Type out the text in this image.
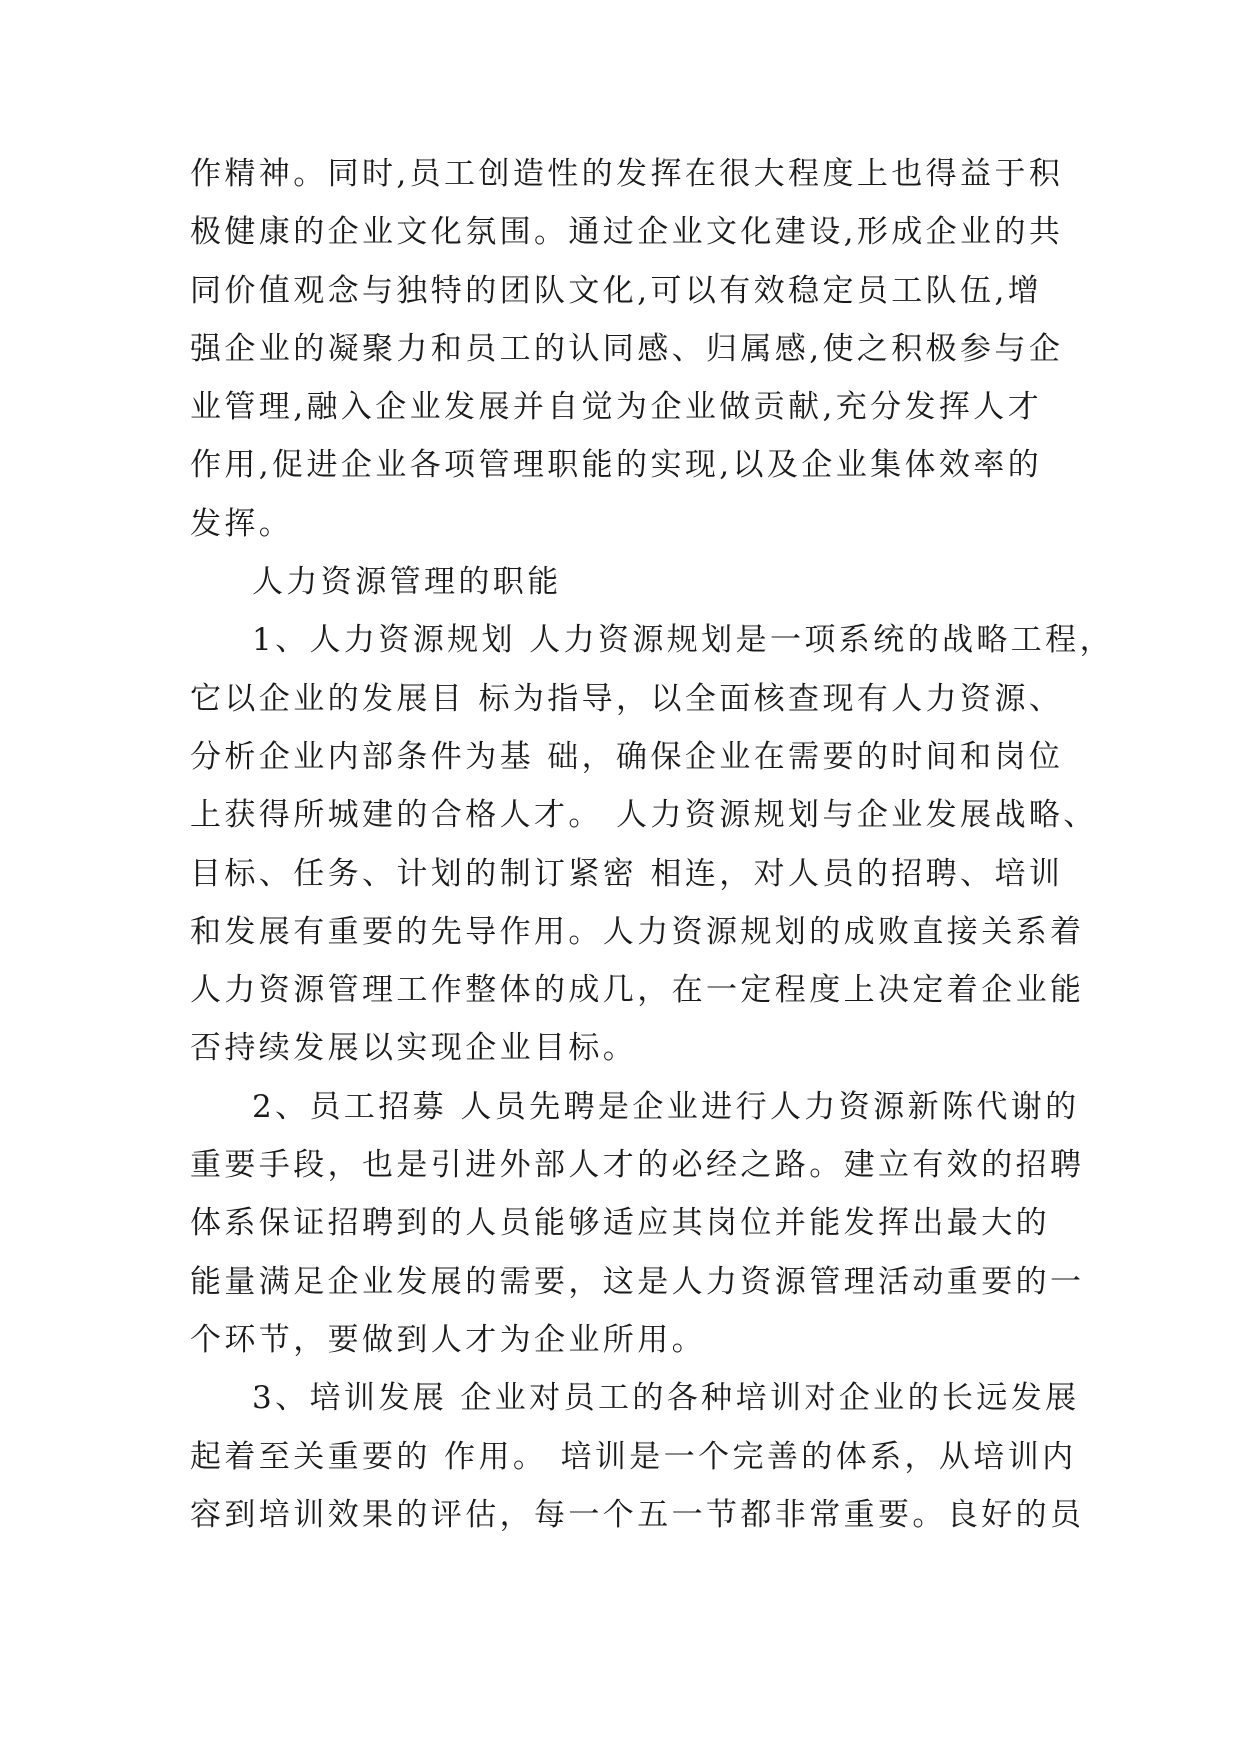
作精神。同时,员工创造性的发挥在很大程度上也得益于积
极健康的企业文化氛围。通过企业文化建设,形成企业的共
同价值观念与独特的团队文化,可以有效稳定员工队伍,增
强企业的凝聚力和员工的认同感、归属感,使之积极参与企
业管理,融入企业发展并自觉为企业做贡献,充分发挥人才
作用,促进企业各项管理职能的实现,以及企业集体效率的
发挥。
人力资源管理的职能
1、人力资源规划 人力资源规划是一项系统的战略工程，
它以企业的发展目 标为指导，以全面核查现有人力资源、
分析企业内部条件为基 础，确保企业在需要的时间和岗位
上获得所城建的合格人才。 人力资源规划与企业发展战略、
目标、任务、计划的制订紧密 相连，对人员的招聘、培训
和发展有重要的先导作用。人力资源规划的成败直接关系着
人力资源管理工作整体的成几，在一定程度上决定着企业能
否持续发展以实现企业目标。
2、员工招募 人员先聘是企业进行人力资源新陈代谢的
重要手段，也是引进外部人才的必经之路。建立有效的招聘
体系保证招聘到的人员能够适应其岗位并能发挥出最大的
能量满足企业发展的需要，这是人力资源管理活动重要的一
个环节，要做到人才为企业所用。
3、培训发展 企业对员工的各种培训对企业的长远发展
起着至关重要的 作用。 培训是一个完善的体系，从培训内
容到培训效果的评估，每一个五一节都非常重要。良好的员
